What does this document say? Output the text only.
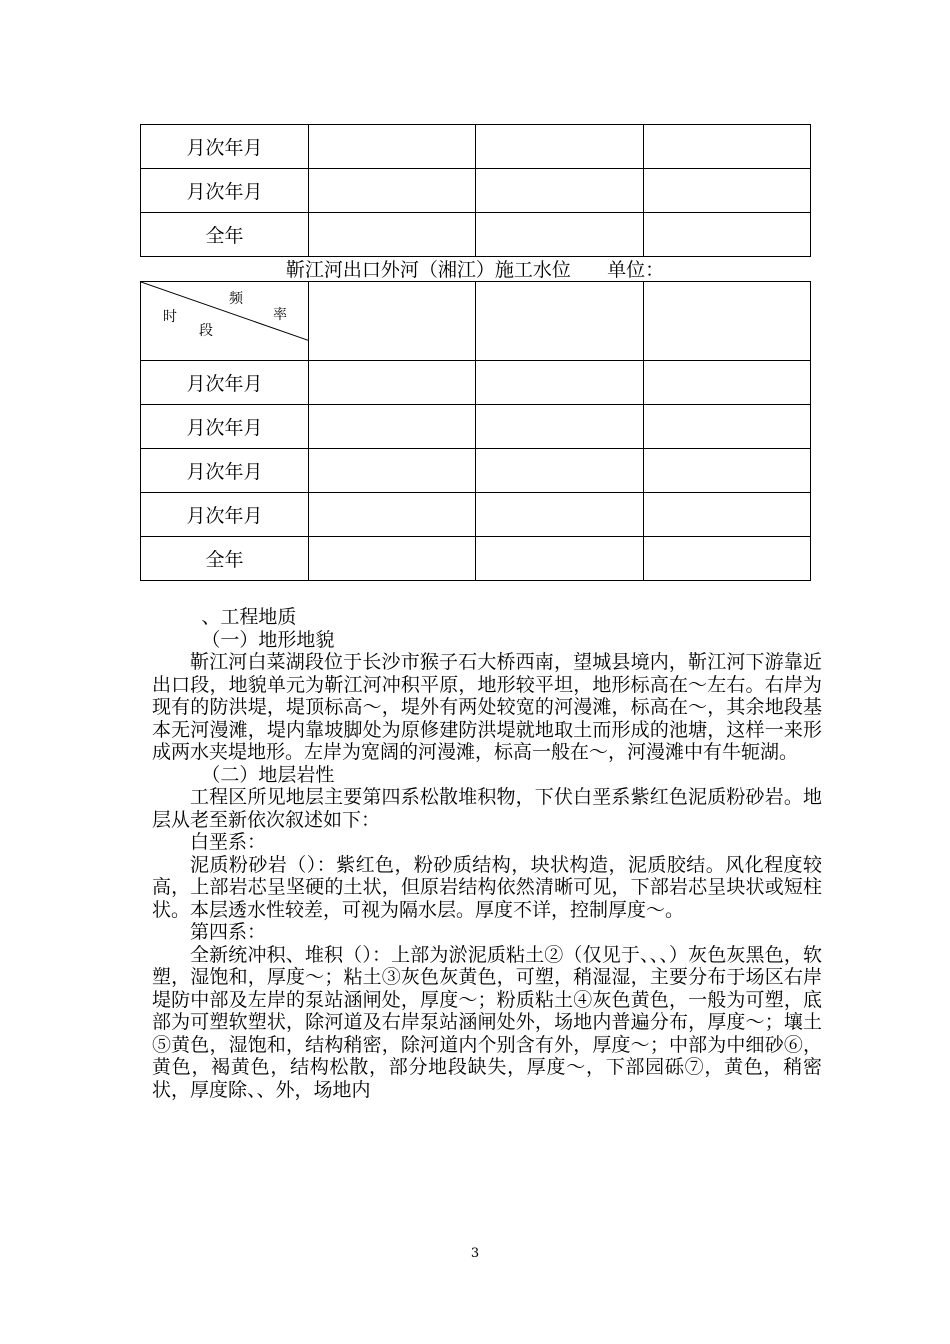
月次年月			
月次年月			
全年			
靳江河出口外河（湘江）施工水位      单位：
频
率
时
段			

月次年月			
月次年月			
月次年月			
月次年月			
全年			

、工程地质

（一）地形地貌

靳江河白菜湖段位于长沙市猴子石大桥西南，望城县境内，靳江河下游靠近出口段，地貌单元为靳江河冲积平原，地形较平坦，地形标高在～左右。右岸为现有的防洪堤，堤顶标高～，堤外有两处较宽的河漫滩，标高在～，其余地段基本无河漫滩，堤内靠坡脚处为原修建防洪堤就地取土而形成的池塘，这样一来形成两水夹堤地形。左岸为宽阔的河漫滩，标高一般在～，河漫滩中有牛轭湖。

（二）地层岩性

工程区所见地层主要第四系松散堆积物，下伏白垩系紫红色泥质粉砂岩。地层从老至新依次叙述如下：

白垩系：

泥质粉砂岩（）：紫红色，粉砂质结构，块状构造，泥质胶结。风化程度较高，上部岩芯呈坚硬的土状，但原岩结构依然清晰可见，下部岩芯呈块状或短柱状。本层透水性较差，可视为隔水层。厚度不详，控制厚度～。

第四系：

全新统冲积、堆积（）：上部为淤泥质粘土②（仅见于、、、）灰色灰黑色，软塑，湿饱和，厚度～；粘土③灰色灰黄色，可塑，稍湿湿，主要分布于场区右岸堤防中部及左岸的泵站涵闸处，厚度～；粉质粘土④灰色黄色，一般为可塑，底部为可塑软塑状，除河道及右岸泵站涵闸处外，场地内普遍分布，厚度～；壤土⑤黄色，湿饱和，结构稍密，除河道内个别含有外，厚度～；中部为中细砂⑥，黄色，褐黄色，结构松散，部分地段缺失，厚度～，下部园砾⑦，黄色，稍密状，厚度除、、外，场地内

3
